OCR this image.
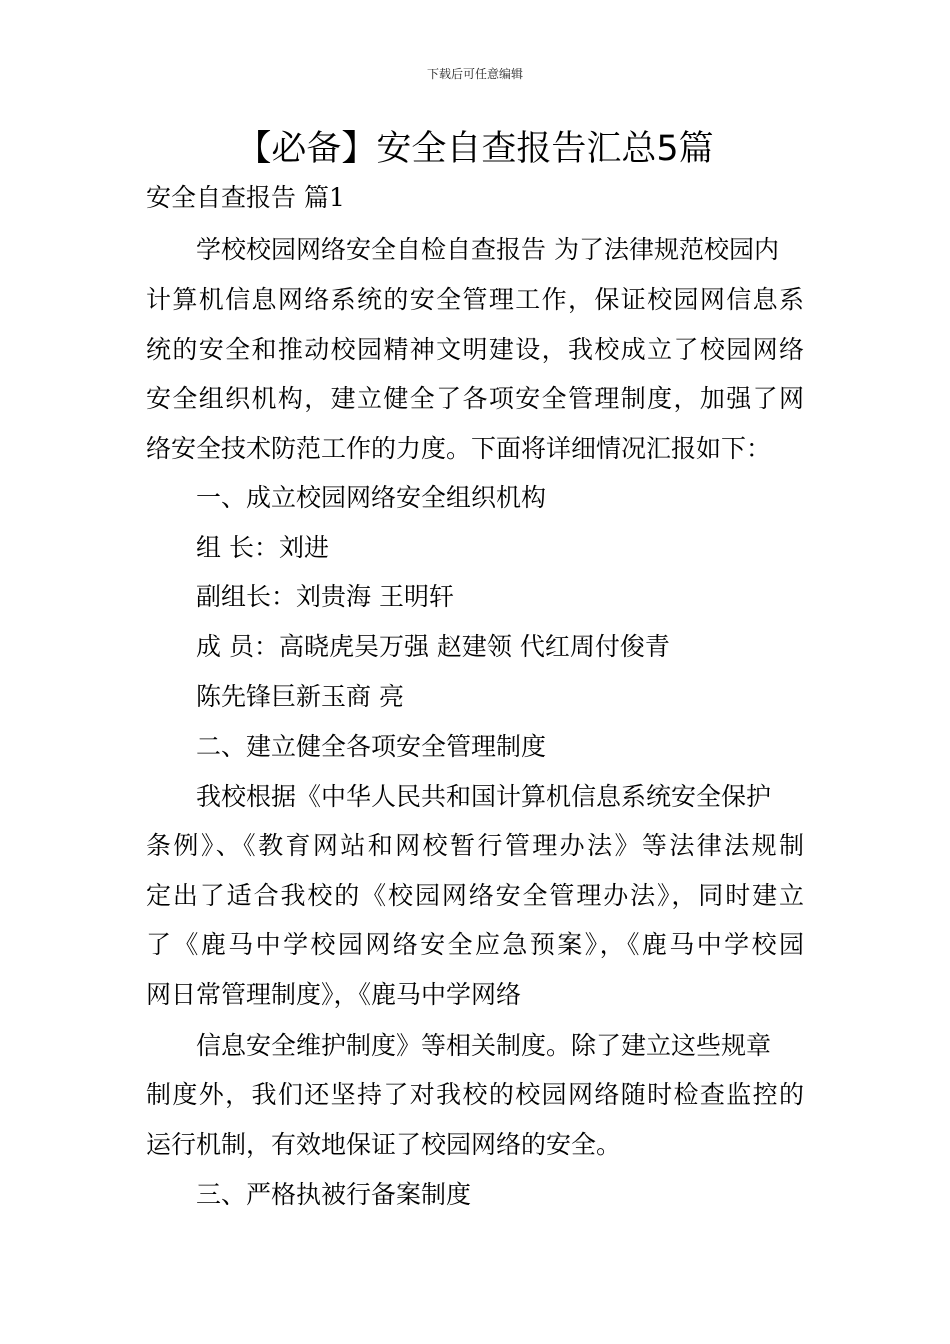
下载后可任意编辑
【必备】安全自查报告汇总5篇
安全自查报告 篇1
学校校园网络安全自检自查报告 为了法律规范校园内
计算机信息网络系统的安全管理工作，保证校园网信息系
统的安全和推动校园精神文明建设，我校成立了校园网络
安全组织机构，建立健全了各项安全管理制度，加强了网
络安全技术防范工作的力度。下面将详细情况汇报如下：
一、成立校园网络安全组织机构
组 长：刘进
副组长：刘贵海 王明轩
成 员：高晓虎吴万强 赵建领 代红周付俊青
陈先锋巨新玉商 亮
二、建立健全各项安全管理制度
我校根据《中华人民共和国计算机信息系统安全保护
条例》、《教育网站和网校暂行管理办法》等法律法规制
定出了适合我校的《校园网络安全管理办法》，同时建立
了《鹿马中学校园网络安全应急预案》，《鹿马中学校园
网日常管理制度》，《鹿马中学网络
信息安全维护制度》等相关制度。除了建立这些规章
制度外，我们还坚持了对我校的校园网络随时检查监控的
运行机制，有效地保证了校园网络的安全。
三、严格执被行备案制度
